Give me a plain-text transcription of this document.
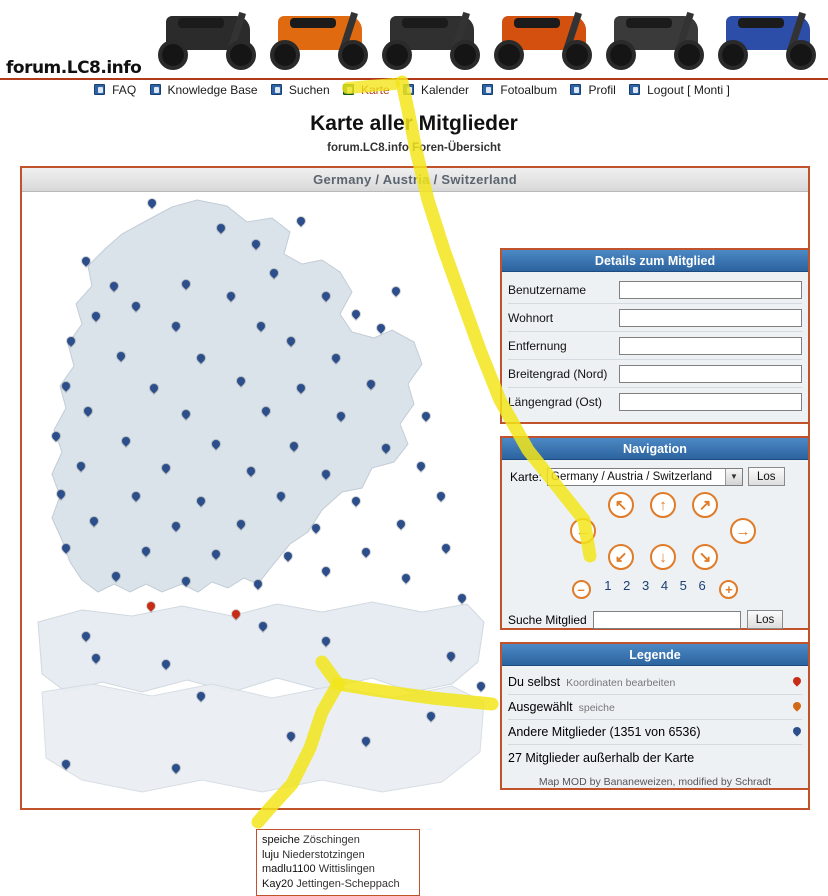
forum.LC8.info
FAQ	Knowledge Base	Suchen	Karte	Kalender	Fotoalbum	Profil	Logout [ Monti ]
Karte aller Mitglieder
forum.LC8.info Foren-Übersicht
Germany / Austria / Switzerland
speiche Zöschingen
luju Niederstotzingen
madlu1100 Wittislingen
Kay20 Jettingen-Scheppach
Details zum Mitglied
Benutzername
Wohnort
Entfernung
Breitengrad (Nord)
Längengrad (Ost)
Navigation
Karte: Germany / Austria / Switzerland	▼	Los
↖	↑	↗
←	→
↙	↓	↘
– 1 2 3 4 5 6 +
Suche Mitglied	Los
Legende
Du selbst Koordinaten bearbeiten
Ausgewählt speiche
Andere Mitglieder (1351 von 6536)
27 Mitglieder außerhalb der Karte
Map MOD by Bananeweizen, modified by Schradt
